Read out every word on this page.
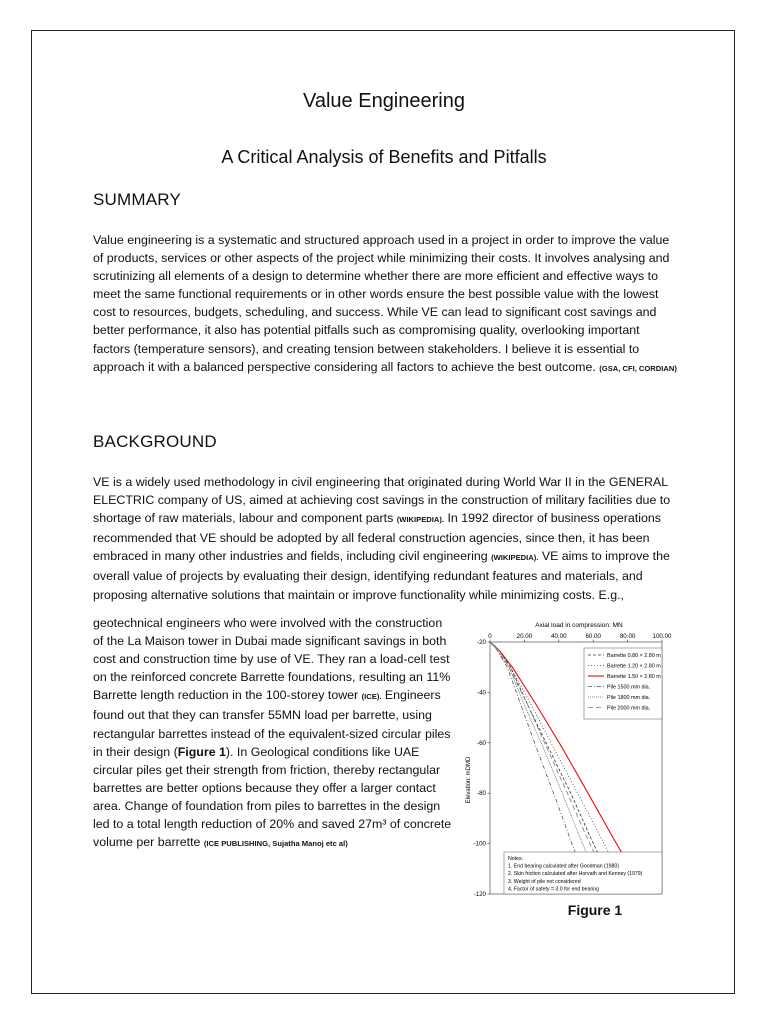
Value Engineering
A Critical Analysis of Benefits and Pitfalls
SUMMARY
Value engineering is a systematic and structured approach used in a project in order to improve the value of products, services or other aspects of the project while minimizing their costs. It involves analysing and scrutinizing all elements of a design to determine whether there are more efficient and effective ways to meet the same functional requirements or in other words ensure the best possible value with the lowest cost to resources, budgets, scheduling, and success. While VE can lead to significant cost savings and better performance, it also has potential pitfalls such as compromising quality, overlooking important factors (temperature sensors), and creating tension between stakeholders. I believe it is essential to approach it with a balanced perspective considering all factors to achieve the best outcome. (GSA, CFI, CORDIAN)
BACKGROUND
VE is a widely used methodology in civil engineering that originated during World War II in the GENERAL ELECTRIC company of US, aimed at achieving cost savings in the construction of military facilities due to shortage of raw materials, labour and component parts (WIKIPEDIA). In 1992 director of business operations recommended that VE should be adopted by all federal construction agencies, since then, it has been embraced in many other industries and fields, including civil engineering (WIKIPEDIA). VE aims to improve the overall value of projects by evaluating their design, identifying redundant features and materials, and proposing alternative solutions that maintain or improve functionality while minimizing costs. E.g.,
geotechnical engineers who were involved with the construction of the La Maison tower in Dubai made significant savings in both cost and construction time by use of VE. They ran a load-cell test on the reinforced concrete Barrette foundations, resulting an 11% Barrette length reduction in the 100-storey tower (ICE). Engineers found out that they can transfer 55MN load per barrette, using rectangular barrettes instead of the equivalent-sized circular piles in their design (Figure 1). In Geological conditions like UAE circular piles get their strength from friction, thereby rectangular barrettes are better options because they offer a larger contact area. Change of foundation from piles to barrettes in the design led to a total length reduction of 20% and saved 27m³ of concrete volume per barrette (ICE PUBLISHING, Sujatha Manoj etc al)
Axial load in compression: MN
0	20.00	40.00	60.00	80.00	100.00
-20
-40
-60
-80
-100
-120
Elevation: mDMD
Barrette 0.80 × 2.80 m
Barrette 1.20 × 2.80 m
Barrette 1.50 × 2.80 m
Pile 1500 mm dia.
Pile 1800 mm dia.
Pile 2000 mm dia.
Notes:
1. End bearing calculated after Goodman (1980)
2. Skin friction calculated after Horvath and Kenney (1979)
3. Weight of pile not considered
4. Factor of safety = 3.0 for end bearing
Figure 1
